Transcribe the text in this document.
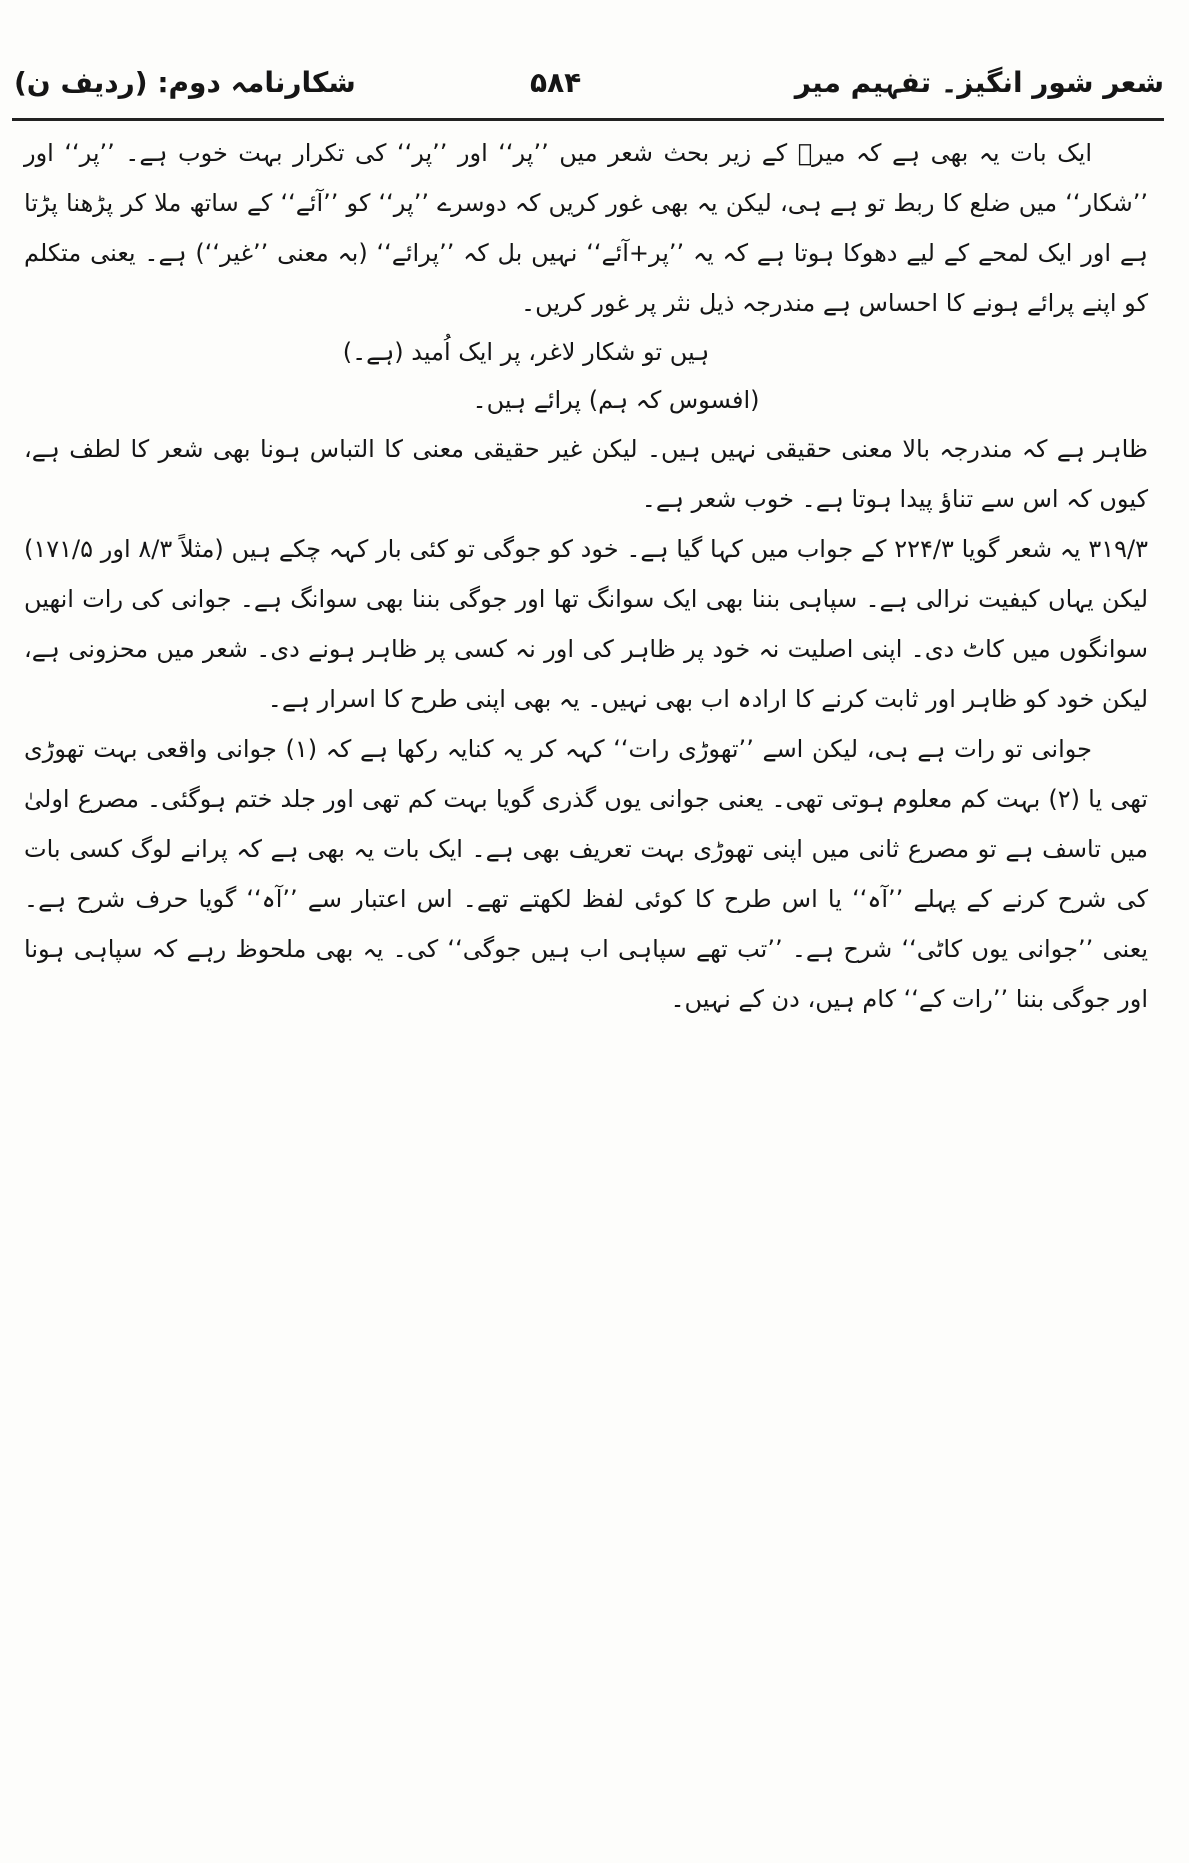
شعر شور انگیز۔ تفہیم میر
۵۸۴
شکارنامہ دوم: (ردیف ن)

ایک بات یہ بھی ہے کہ میرؔ کے زیر بحث شعر میں ’’پر‘‘ اور ’’پر‘‘ کی تکرار بہت خوب ہے۔ ’’پر‘‘ اور ’’شکار‘‘ میں ضلع کا ربط تو ہے ہی، لیکن یہ بھی غور کریں کہ دوسرے ’’پر‘‘ کو ’’آئے‘‘ کے ساتھ ملا کر پڑھنا پڑتا ہے اور ایک لمحے کے لیے دھوکا ہوتا ہے کہ یہ ’’پر+آئے‘‘ نہیں بل کہ ’’پرائے‘‘ (بہ معنی ’’غیر‘‘) ہے۔ یعنی متکلم کو اپنے پرائے ہونے کا احساس ہے مندرجہ ذیل نثر پر غور کریں۔

ہیں تو شکار لاغر، پر ایک اُمید (ہے۔)

(افسوس کہ ہم) پرائے ہیں۔

ظاہر ہے کہ مندرجہ بالا معنی حقیقی نہیں ہیں۔ لیکن غیر حقیقی معنی کا التباس ہونا بھی شعر کا لطف ہے، کیوں کہ اس سے تناؤ پیدا ہوتا ہے۔ خوب شعر ہے۔

۳۱۹/۳ یہ شعر گویا ۲۲۴/۳ کے جواب میں کہا گیا ہے۔ خود کو جوگی تو کئی بار کہہ چکے ہیں (مثلاً ۸/۳ اور ۱۷۱/۵) لیکن یہاں کیفیت نرالی ہے۔ سپاہی بننا بھی ایک سوانگ تھا اور جوگی بننا بھی سوانگ ہے۔ جوانی کی رات انھیں سوانگوں میں کاٹ دی۔ اپنی اصلیت نہ خود پر ظاہر کی اور نہ کسی پر ظاہر ہونے دی۔ شعر میں محزونی ہے، لیکن خود کو ظاہر اور ثابت کرنے کا ارادہ اب بھی نہیں۔ یہ بھی اپنی طرح کا اسرار ہے۔

جوانی تو رات ہے ہی، لیکن اسے ’’تھوڑی رات‘‘ کہہ کر یہ کنایہ رکھا ہے کہ (۱) جوانی واقعی بہت تھوڑی تھی یا (۲) بہت کم معلوم ہوتی تھی۔ یعنی جوانی یوں گذری گویا بہت کم تھی اور جلد ختم ہوگئی۔ مصرع اولیٰ میں تاسف ہے تو مصرع ثانی میں اپنی تھوڑی بہت تعریف بھی ہے۔ ایک بات یہ بھی ہے کہ پرانے لوگ کسی بات کی شرح کرنے کے پہلے ’’آہ‘‘ یا اس طرح کا کوئی لفظ لکھتے تھے۔ اس اعتبار سے ’’آہ‘‘ گویا حرف شرح ہے۔ یعنی ’’جوانی یوں کاٹی‘‘ شرح ہے۔ ’’تب تھے سپاہی اب ہیں جوگی‘‘ کی۔ یہ بھی ملحوظ رہے کہ سپاہی ہونا اور جوگی بننا ’’رات کے‘‘ کام ہیں، دن کے نہیں۔
